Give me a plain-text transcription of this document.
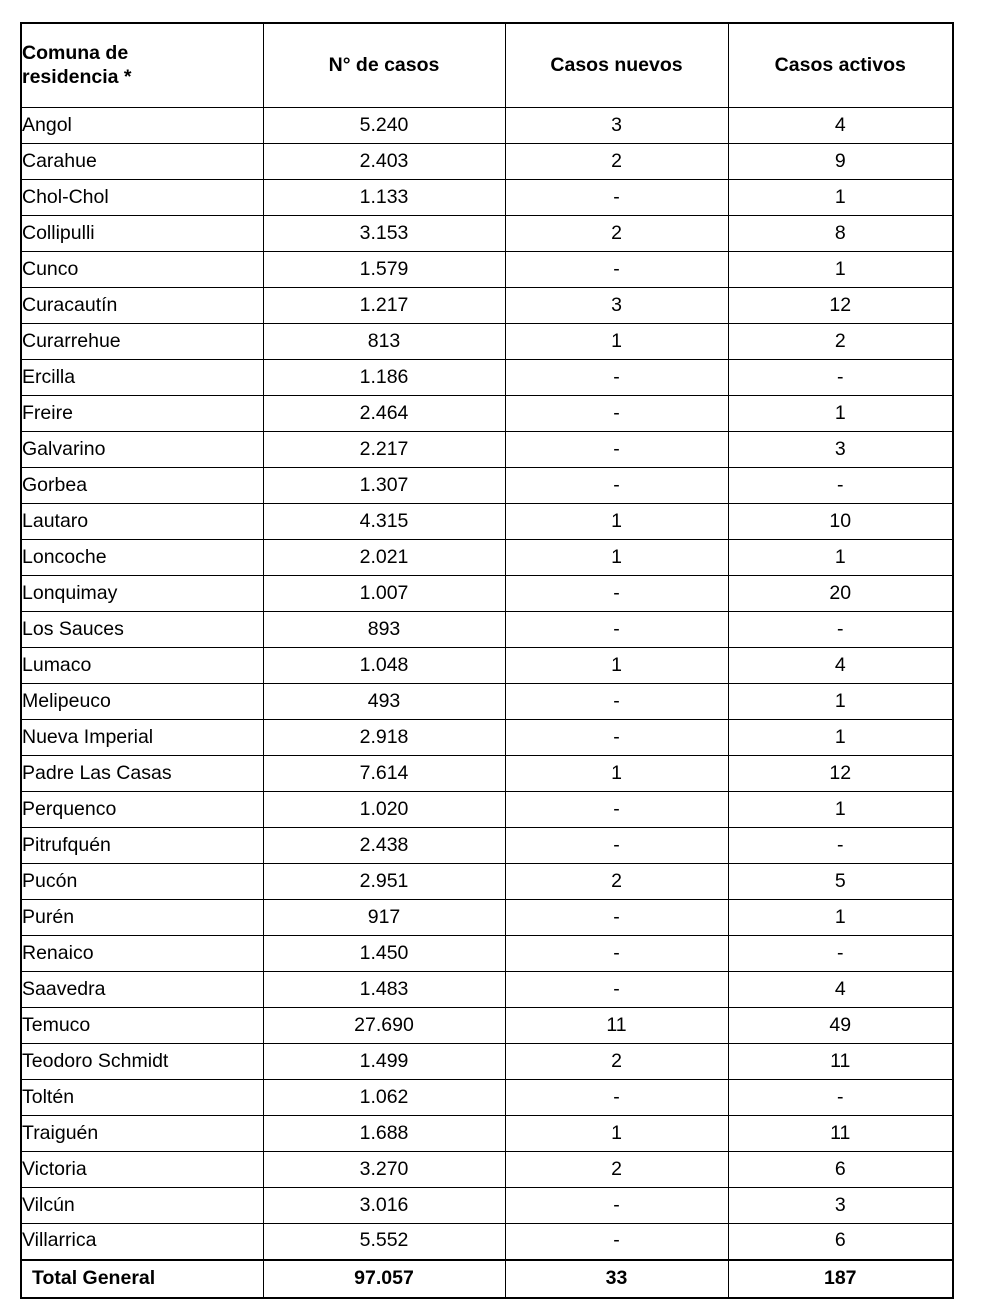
Comuna de
residencia *	N° de casos	Casos nuevos	Casos activos
Angol	5.240	3	4
Carahue	2.403	2	9
Chol-Chol	1.133	-	1
Collipulli	3.153	2	8
Cunco	1.579	-	1
Curacautín	1.217	3	12
Curarrehue	813	1	2
Ercilla	1.186	-	-
Freire	2.464	-	1
Galvarino	2.217	-	3
Gorbea	1.307	-	-
Lautaro	4.315	1	10
Loncoche	2.021	1	1
Lonquimay	1.007	-	20
Los Sauces	893	-	-
Lumaco	1.048	1	4
Melipeuco	493	-	1
Nueva Imperial	2.918	-	1
Padre Las Casas	7.614	1	12
Perquenco	1.020	-	1
Pitrufquén	2.438	-	-
Pucón	2.951	2	5
Purén	917	-	1
Renaico	1.450	-	-
Saavedra	1.483	-	4
Temuco	27.690	11	49
Teodoro Schmidt	1.499	2	11
Toltén	1.062	-	-
Traiguén	1.688	1	11
Victoria	3.270	2	6
Vilcún	3.016	-	3
Villarrica	5.552	-	6
Total General	97.057	33	187
